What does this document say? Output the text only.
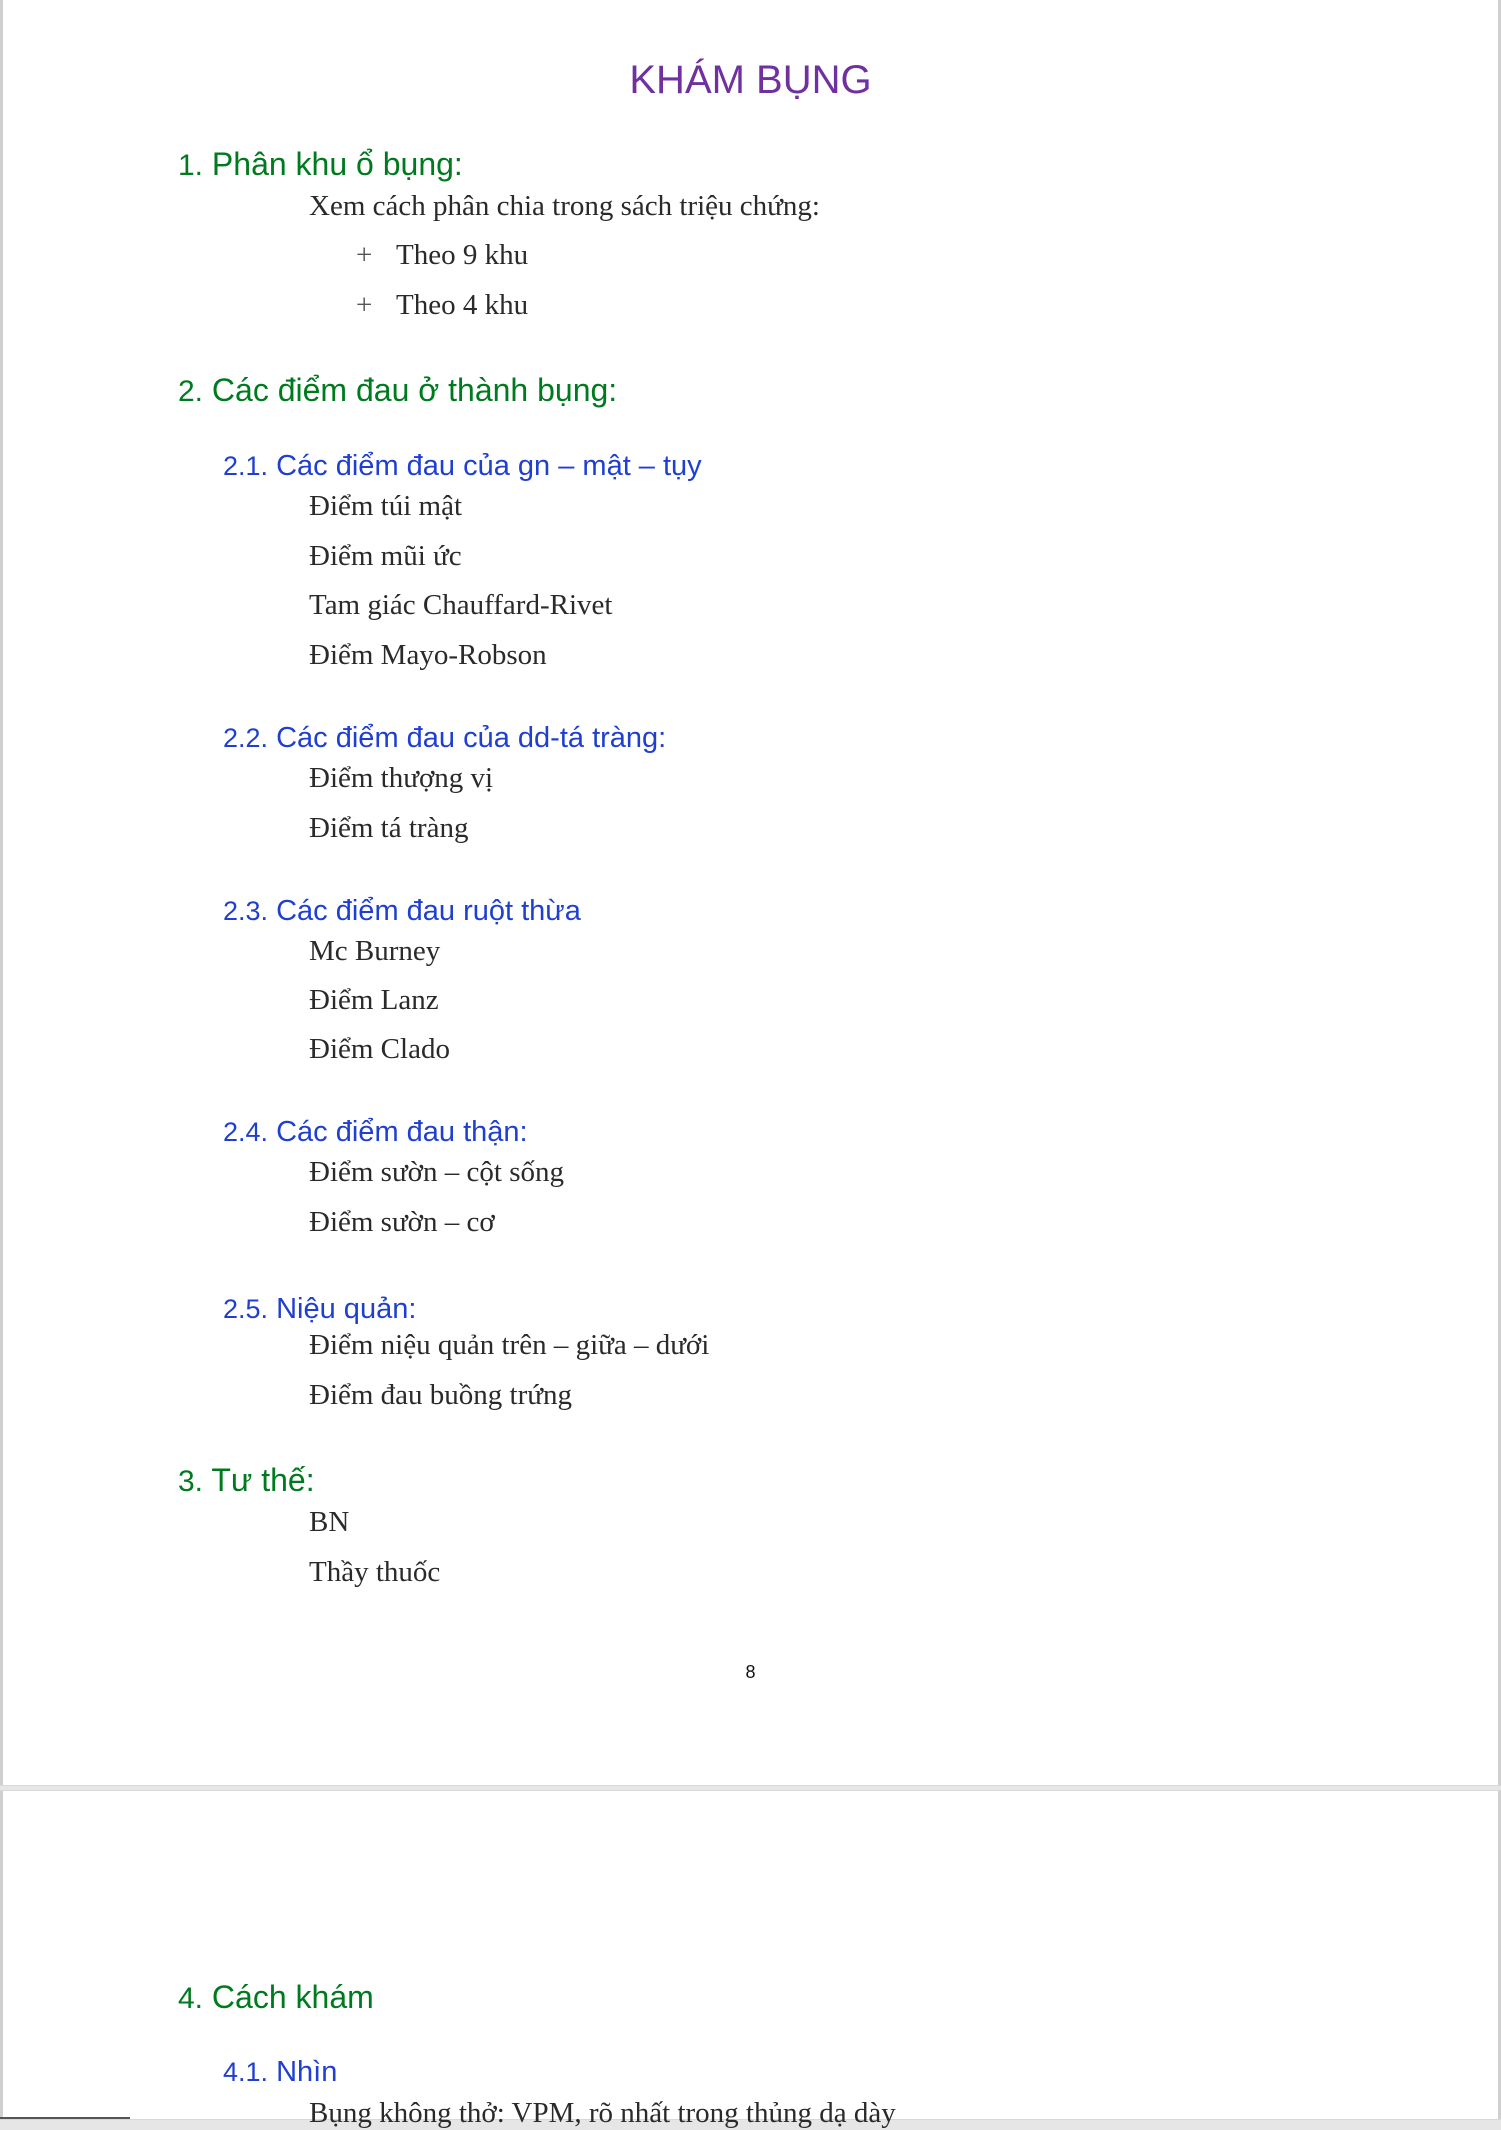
KHÁM BỤNG
1. Phân khu ổ bụng:
Xem cách phân chia trong sách triệu chứng:
+ Theo 9 khu
+ Theo 4 khu
2. Các điểm đau ở thành bụng:
2.1. Các điểm đau của gn – mật – tụy
Điểm túi mật
Điểm mũi ức
Tam giác Chauffard-Rivet
Điểm Mayo-Robson
2.2. Các điểm đau của dd-tá tràng:
Điểm thượng vị
Điểm tá tràng
2.3. Các điểm đau ruột thừa
Mc Burney
Điểm Lanz
Điểm Clado
2.4. Các điểm đau thận:
Điểm sườn – cột sống
Điểm sườn – cơ
2.5. Niệu quản:
Điểm niệu quản trên – giữa – dưới
Điểm đau buồng trứng
3. Tư thế:
BN
Thầy thuốc
8
4. Cách khám
4.1. Nhìn
Bụng không thở: VPM, rõ nhất trong thủng dạ dày
